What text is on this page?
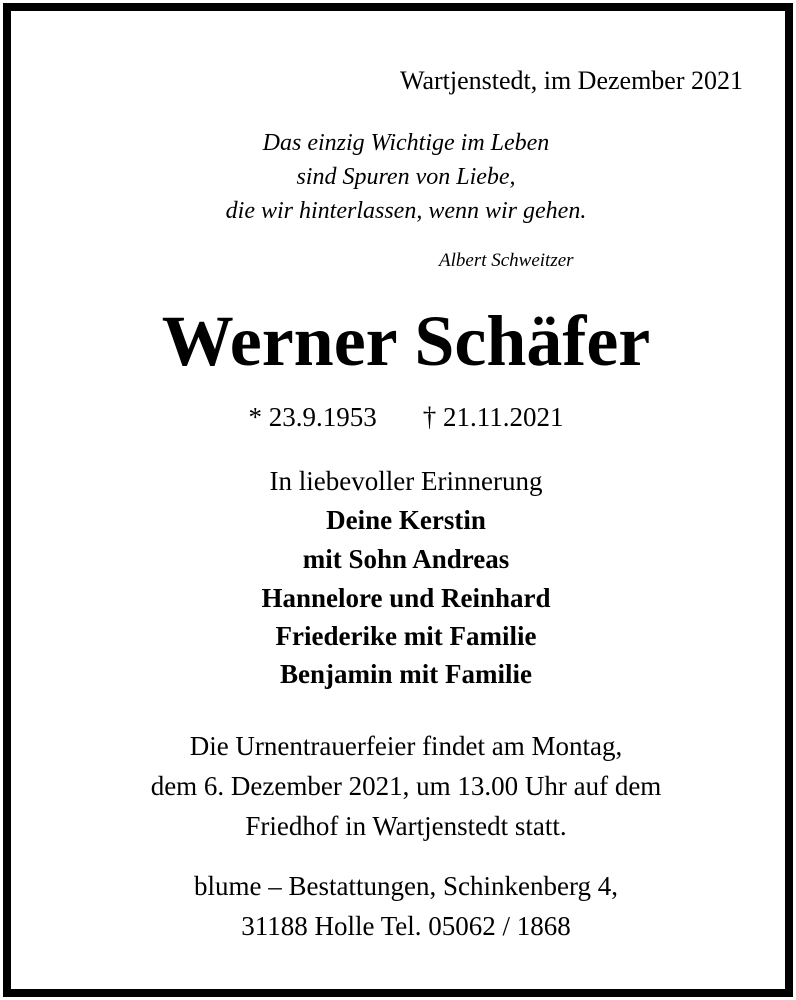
Wartjenstedt, im Dezember 2021
Das einzig Wichtige im Leben
sind Spuren von Liebe,
die wir hinterlassen, wenn wir gehen.
Albert Schweitzer
Werner Schäfer
* 23.9.1953 † 21.11.2021
In liebevoller Erinnerung
Deine Kerstin
mit Sohn Andreas
Hannelore und Reinhard
Friederike mit Familie
Benjamin mit Familie
Die Urnentrauerfeier findet am Montag,
dem 6. Dezember 2021, um 13.00 Uhr auf dem
Friedhof in Wartjenstedt statt.
blume – Bestattungen, Schinkenberg 4,
31188 Holle Tel. 05062 / 1868
